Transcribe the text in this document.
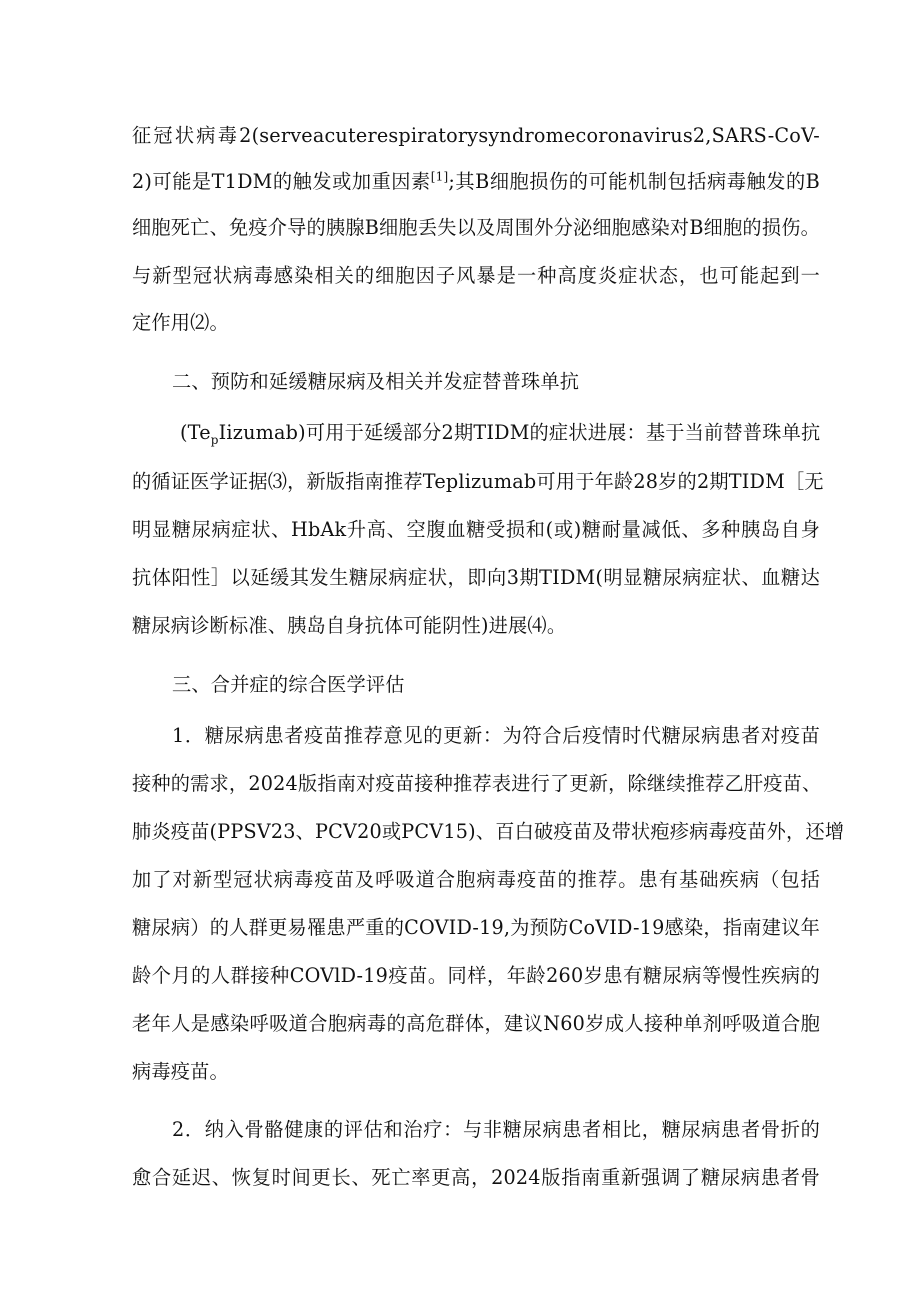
征冠状病毒2(serveacuterespiratorysyndromecoronavirus2,SARS-CoV-
2)可能是T1DM的触发或加重因素[1];其B细胞损伤的可能机制包括病毒触发的B
细胞死亡、免疫介导的胰腺B细胞丢失以及周围外分泌细胞感染对B细胞的损伤。
与新型冠状病毒感染相关的细胞因子风暴是一种高度炎症状态，也可能起到一
定作用⑵。
二、预防和延缓糖尿病及相关并发症替普珠单抗
$(Te_pIizumab)$可用于延缓部分2期TIDM的症状进展：基于当前替普珠单抗
的循证医学证据⑶，新版指南推荐Teplizumab可用于年龄28岁的2期TIDM［无
明显糖尿病症状、HbAk升高、空腹血糖受损和(或)糖耐量减低、多种胰岛自身
抗体阳性］以延缓其发生糖尿病症状，即向3期TIDM(明显糖尿病症状、血糖达
糖尿病诊断标准、胰岛自身抗体可能阴性)进展⑷。
三、合并症的综合医学评估
1．糖尿病患者疫苗推荐意见的更新：为符合后疫情时代糖尿病患者对疫苗
接种的需求，2024版指南对疫苗接种推荐表进行了更新，除继续推荐乙肝疫苗、
肺炎疫苗(PPSV23、PCV20或PCV15)、百白破疫苗及带状疱疹病毒疫苗外，还增
加了对新型冠状病毒疫苗及呼吸道合胞病毒疫苗的推荐。患有基础疾病（包括
糖尿病）的人群更易罹患严重的COVID-19,为预防CoVID-19感染，指南建议年
龄个月的人群接种COVlD-19疫苗。同样，年龄260岁患有糖尿病等慢性疾病的
老年人是感染呼吸道合胞病毒的高危群体，建议N60岁成人接种单剂呼吸道合胞
病毒疫苗。
2．纳入骨骼健康的评估和治疗：与非糖尿病患者相比，糖尿病患者骨折的
愈合延迟、恢复时间更长、死亡率更高，2024版指南重新强调了糖尿病患者骨
